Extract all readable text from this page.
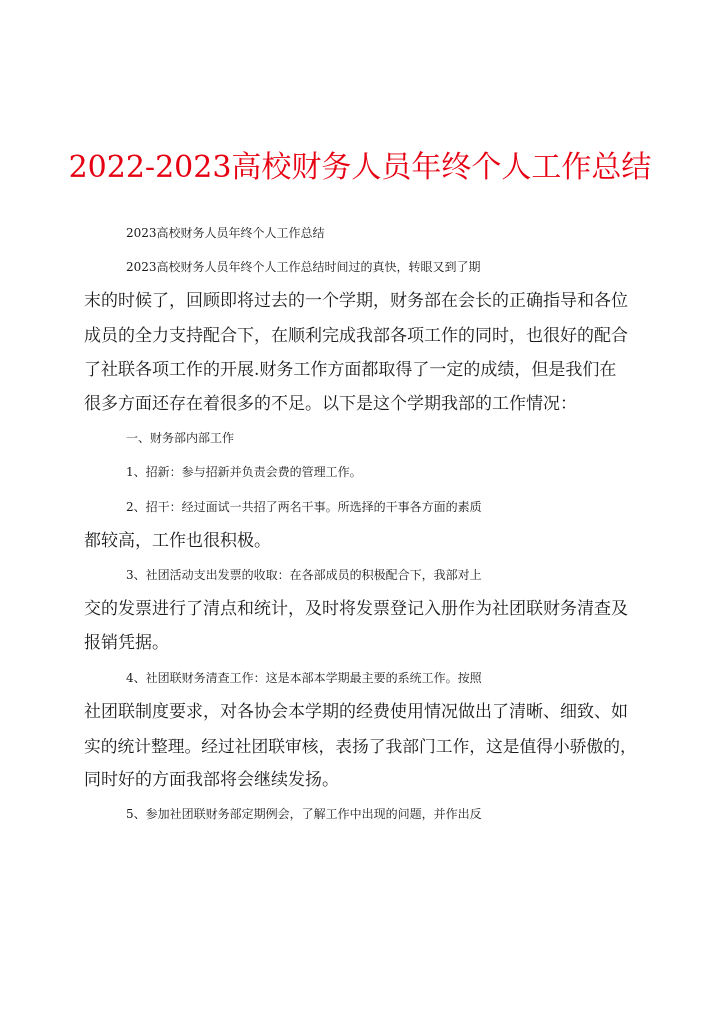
2022-2023高校财务人员年终个人工作总结

2023高校财务人员年终个人工作总结

2023高校财务人员年终个人工作总结时间过的真快，转眼又到了期

末的时候了，回顾即将过去的一个学期，财务部在会长的正确指导和各位

成员的全力支持配合下，在顺利完成我部各项工作的同时，也很好的配合

了社联各项工作的开展.财务工作方面都取得了一定的成绩，但是我们在

很多方面还存在着很多的不足。以下是这个学期我部的工作情况：

一、财务部内部工作

1、招新：参与招新并负责会费的管理工作。

2、招干：经过面试一共招了两名干事。所选择的干事各方面的素质

都较高，工作也很积极。

3、社团活动支出发票的收取：在各部成员的积极配合下，我部对上

交的发票进行了清点和统计，及时将发票登记入册作为社团联财务清查及

报销凭据。

4、社团联财务清查工作：这是本部本学期最主要的系统工作。按照

社团联制度要求，对各协会本学期的经费使用情况做出了清晰、细致、如

实的统计整理。经过社团联审核，表扬了我部门工作，这是值得小骄傲的，

同时好的方面我部将会继续发扬。

5、参加社团联财务部定期例会，了解工作中出现的问题，并作出反
